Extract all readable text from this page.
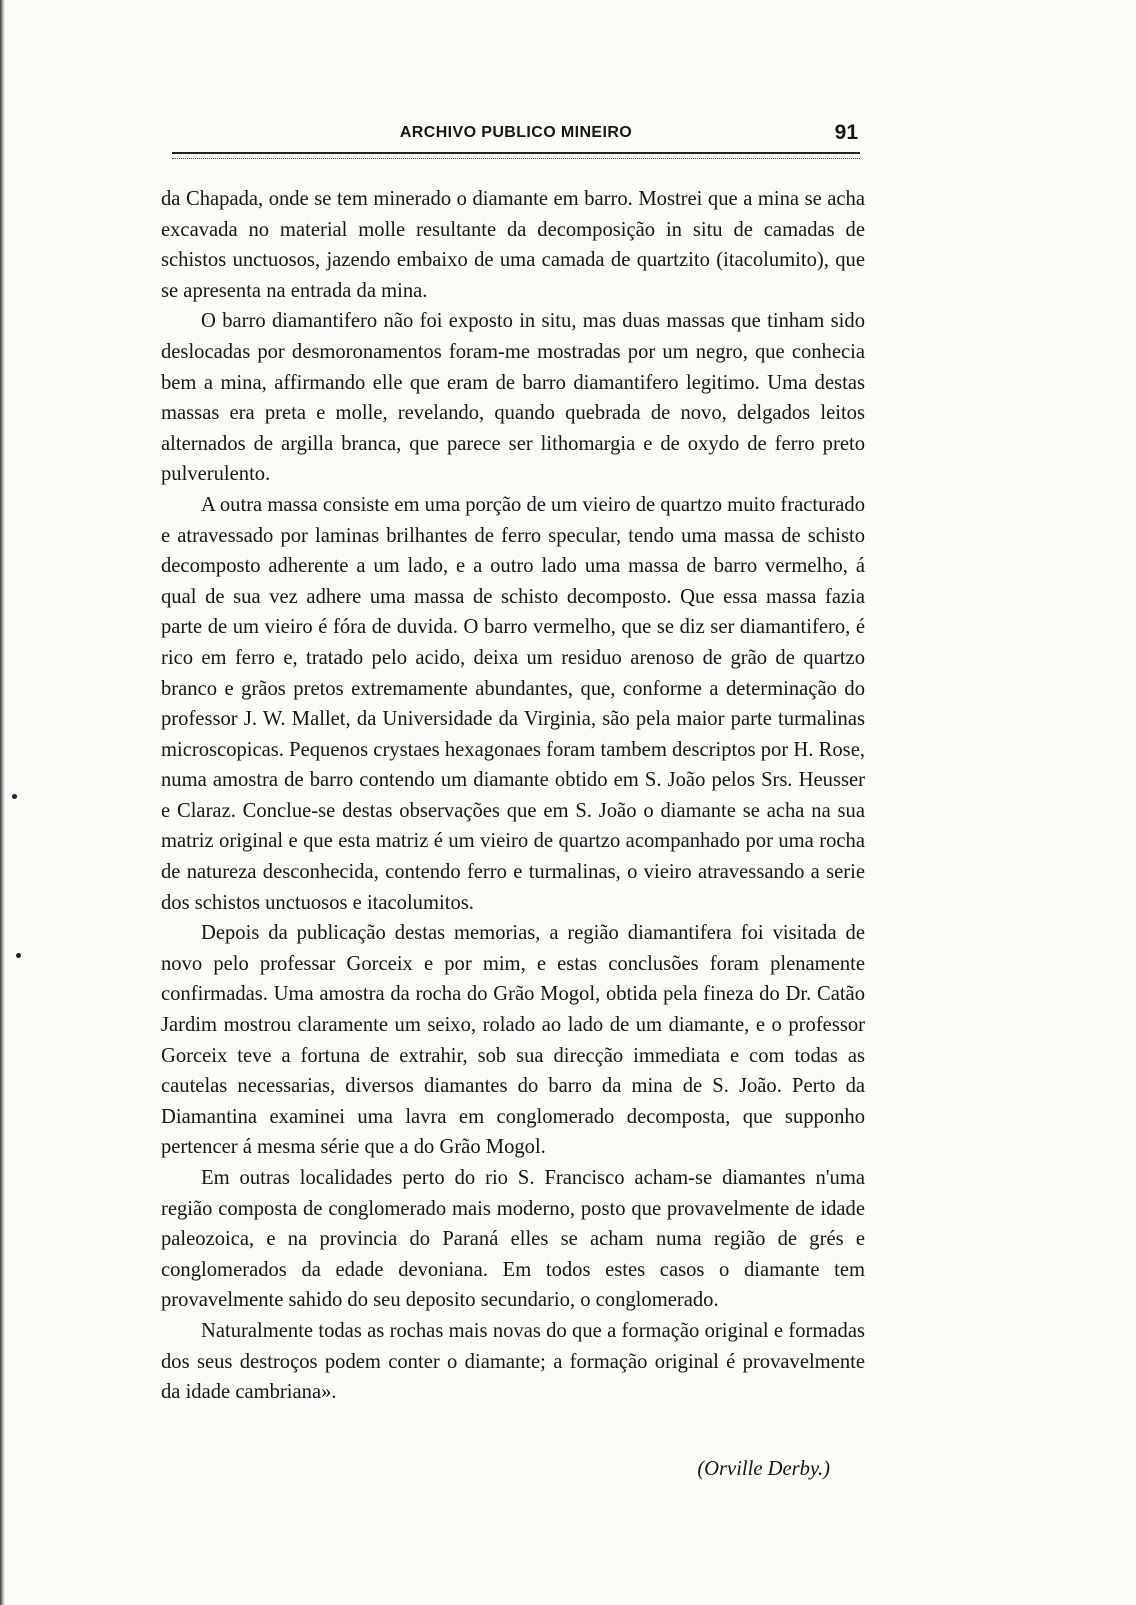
ARCHIVO PUBLICO MINEIRO	91

da Chapada, onde se tem minerado o diamante em barro. Mostrei que a mina se acha excavada no material molle resultante da decomposição in situ de camadas de schistos unctuosos, jazendo embaixo de uma camada de quartzito (itacolumito), que se apresenta na entrada da mina.

O barro diamantifero não foi exposto in situ, mas duas massas que tinham sido deslocadas por desmoronamentos foram-me mostradas por um negro, que conhecia bem a mina, affirmando elle que eram de barro diamantifero legitimo. Uma destas massas era preta e molle, revelando, quando quebrada de novo, delgados leitos alternados de argilla branca, que parece ser lithomargia e de oxydo de ferro preto pulverulento.

A outra massa consiste em uma porção de um vieiro de quartzo muito fracturado e atravessado por laminas brilhantes de ferro specular, tendo uma massa de schisto decomposto adherente a um lado, e a outro lado uma massa de barro vermelho, á qual de sua vez adhere uma massa de schisto decomposto. Que essa massa fazia parte de um vieiro é fóra de duvida. O barro vermelho, que se diz ser diamantifero, é rico em ferro e, tratado pelo acido, deixa um residuo arenoso de grão de quartzo branco e grãos pretos extremamente abundantes, que, conforme a determinação do professor J. W. Mallet, da Universidade da Virginia, são pela maior parte turmalinas microscopicas. Pequenos crystaes hexagonaes foram tambem descriptos por H. Rose, numa amostra de barro contendo um diamante obtido em S. João pelos Srs. Heusser e Claraz. Conclue-se destas observações que em S. João o diamante se acha na sua matriz original e que esta matriz é um vieiro de quartzo acompanhado por uma rocha de natureza desconhecida, contendo ferro e turmalinas, o vieiro atravessando a serie dos schistos unctuosos e itacolumitos.

Depois da publicação destas memorias, a região diamantifera foi visitada de novo pelo professar Gorceix e por mim, e estas conclusões foram plenamente confirmadas. Uma amostra da rocha do Grão Mogol, obtida pela fineza do Dr. Catão Jardim mostrou claramente um seixo, rolado ao lado de um diamante, e o professor Gorceix teve a fortuna de extrahir, sob sua direcção immediata e com todas as cautelas necessarias, diversos diamantes do barro da mina de S. João. Perto da Diamantina examinei uma lavra em conglomerado decomposta, que supponho pertencer á mesma série que a do Grão Mogol.

Em outras localidades perto do rio S. Francisco acham-se diamantes n'uma região composta de conglomerado mais moderno, posto que provavelmente de idade paleozoica, e na provincia do Paraná elles se acham numa região de grés e conglomerados da edade devoniana. Em todos estes casos o diamante tem provavelmente sahido do seu deposito secundario, o conglomerado.

Naturalmente todas as rochas mais novas do que a formação original e formadas dos seus destroços podem conter o diamante; a formação original é provavelmente da idade cambriana».

(Orville Derby.)
